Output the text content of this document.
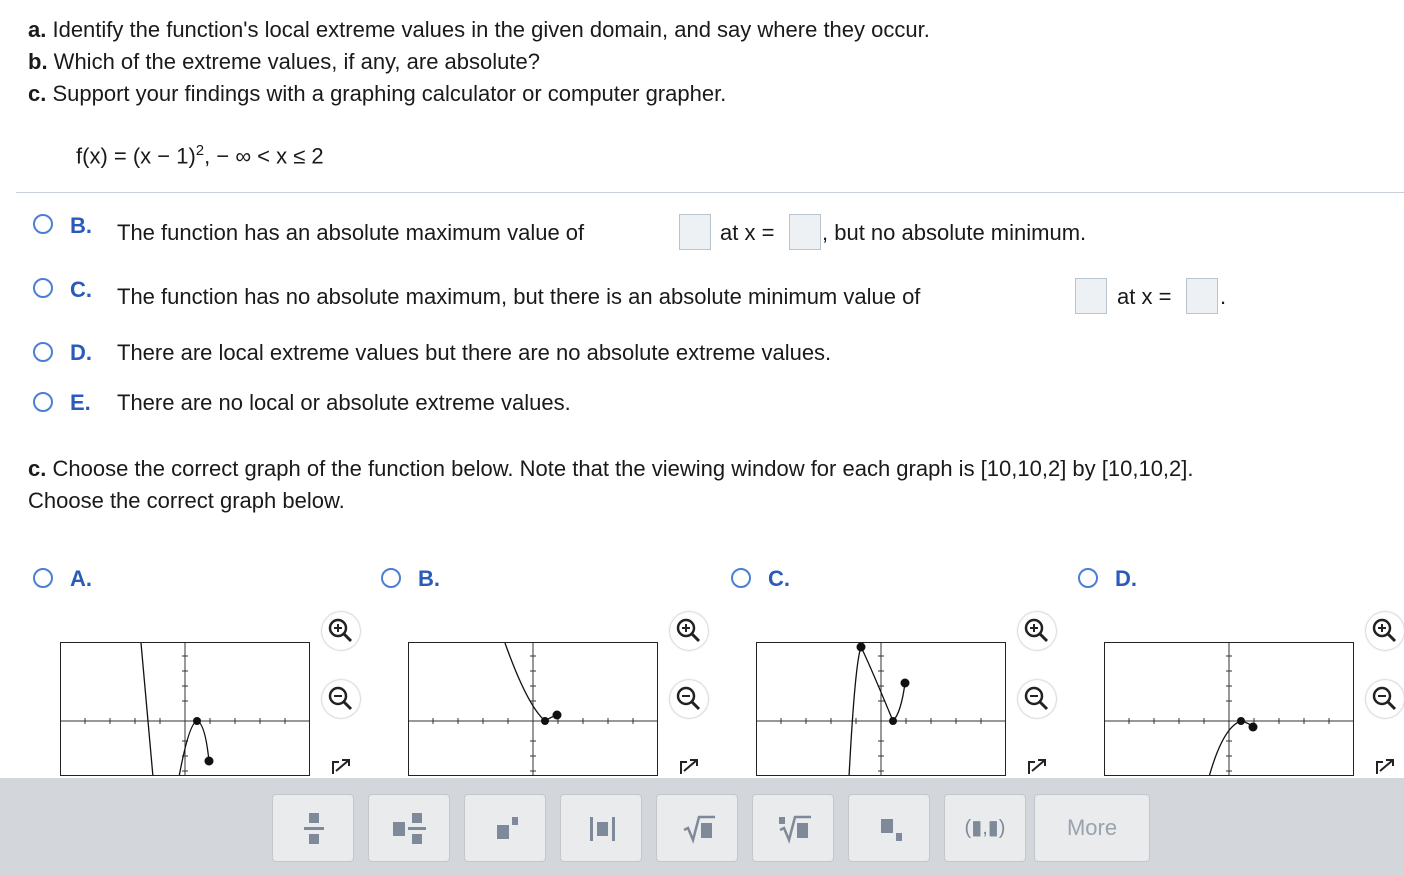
a. Identify the function's local extreme values in the given domain, and say where they occur.
b. Which of the extreme values, if any, are absolute?
c. Support your findings with a graphing calculator or computer grapher.
$f(x) = (x - 1)^2$, − ∞ < x ≤ 2
B. The function has an absolute maximum value of	at x = , but no absolute minimum.
C. The function has no absolute maximum, but there is an absolute minimum value of	at x = .
D. There are local extreme values but there are no absolute extreme values.
E. There are no local or absolute extreme values.
c. Choose the correct graph of the function below. Note that the viewing window for each graph is [10,10,2] by [10,10,2].
Choose the correct graph below.
A.	B.	C.	D.
(▮,▮)	More
